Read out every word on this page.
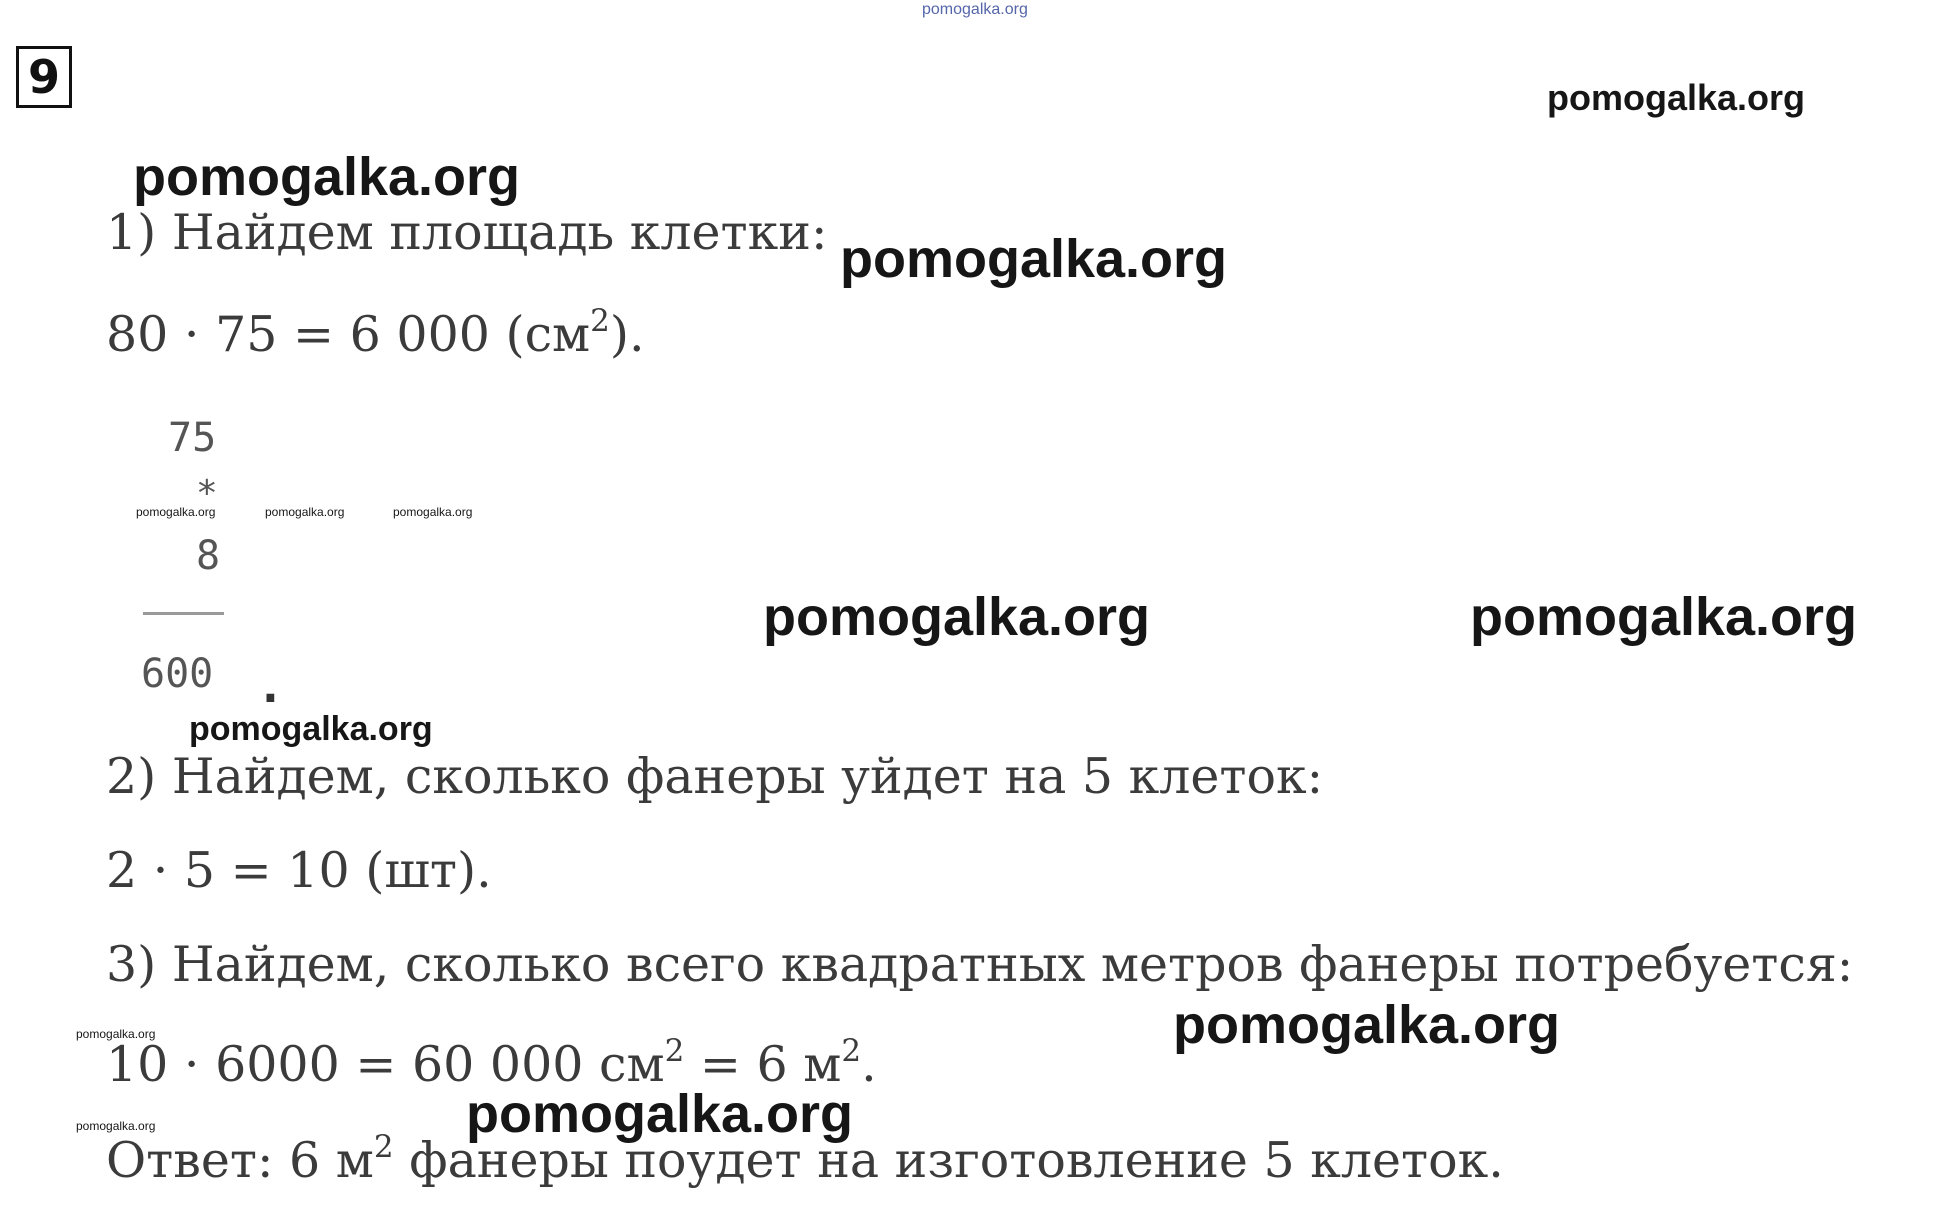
pomogalka.org
9	pomogalka.org
pomogalka.org
pomogalka.org
pomogalka.org	pomogalka.org
pomogalka.org
pomogalka.org
pomogalka.org
pomogalka.org	pomogalka.org	pomogalka.org
pomogalka.org
pomogalka.org
1) Найдем площадь клетки:
80 · 75 = 6 000 $(см^2)$.
75
*
8
600 .
2) Найдем, сколько фанеры уйдет на 5 клеток:
2 · 5 = 10 (шт).
3) Найдем, сколько всего квадратных метров фанеры потребуется:
10 · 6000 = 60 000 $см^2 = 6$ $м^2$.
Ответ: 6 $м^2$ фанеры поудет на изготовление 5 клеток.
